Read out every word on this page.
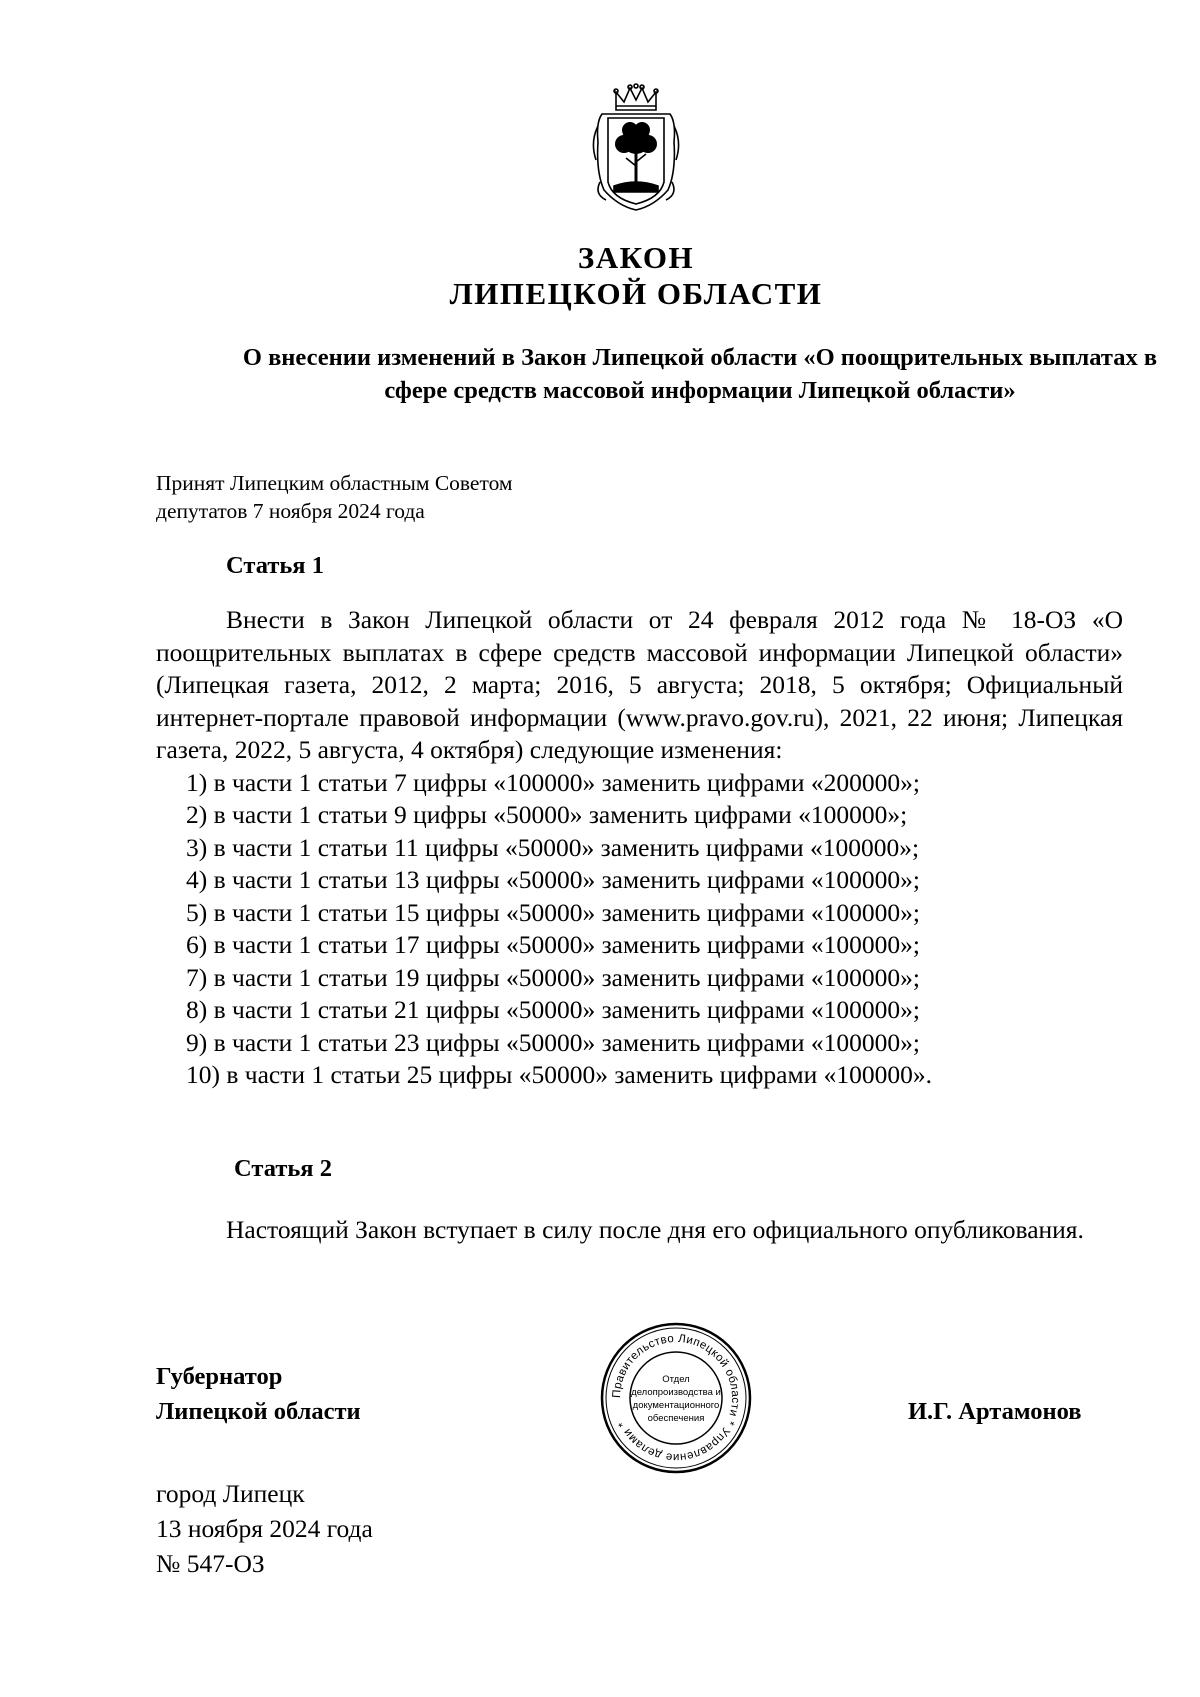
ЗАКОН
ЛИПЕЦКОЙ ОБЛАСТИ
О внесении изменений в Закон Липецкой области «О поощрительных выплатах в сфере средств массовой информации Липецкой области»
Принят Липецким областным Советом
депутатов 7 ноября 2024 года
Статья 1
Внести в Закон Липецкой области от 24 февраля 2012 года № 18-ОЗ «О поощрительных выплатах в сфере средств массовой информации Липецкой области» (Липецкая газета, 2012, 2 марта; 2016, 5 августа; 2018, 5 октября; Официальный интернет-портале правовой информации (www.pravo.gov.ru), 2021, 22 июня; Липецкая газета, 2022, 5 августа, 4 октября) следующие изменения:
1) в части 1 статьи 7 цифры «100000» заменить цифрами «200000»;
2) в части 1 статьи 9 цифры «50000» заменить цифрами «100000»;
3) в части 1 статьи 11 цифры «50000» заменить цифрами «100000»;
4) в части 1 статьи 13 цифры «50000» заменить цифрами «100000»;
5) в части 1 статьи 15 цифры «50000» заменить цифрами «100000»;
6) в части 1 статьи 17 цифры «50000» заменить цифрами «100000»;
7) в части 1 статьи 19 цифры «50000» заменить цифрами «100000»;
8) в части 1 статьи 21 цифры «50000» заменить цифрами «100000»;
9) в части 1 статьи 23 цифры «50000» заменить цифрами «100000»;
10) в части 1 статьи 25 цифры «50000» заменить цифрами «100000».
Статья 2
Настоящий Закон вступает в силу после дня его официального опубликования.
Губернатор
Липецкой области
Правительство Липецкой области * Управление делами *
Отдел
делопроизводства и
документационного
обеспечения	И.Г. Артамонов
город Липецк
13 ноября 2024 года
№ 547-ОЗ
